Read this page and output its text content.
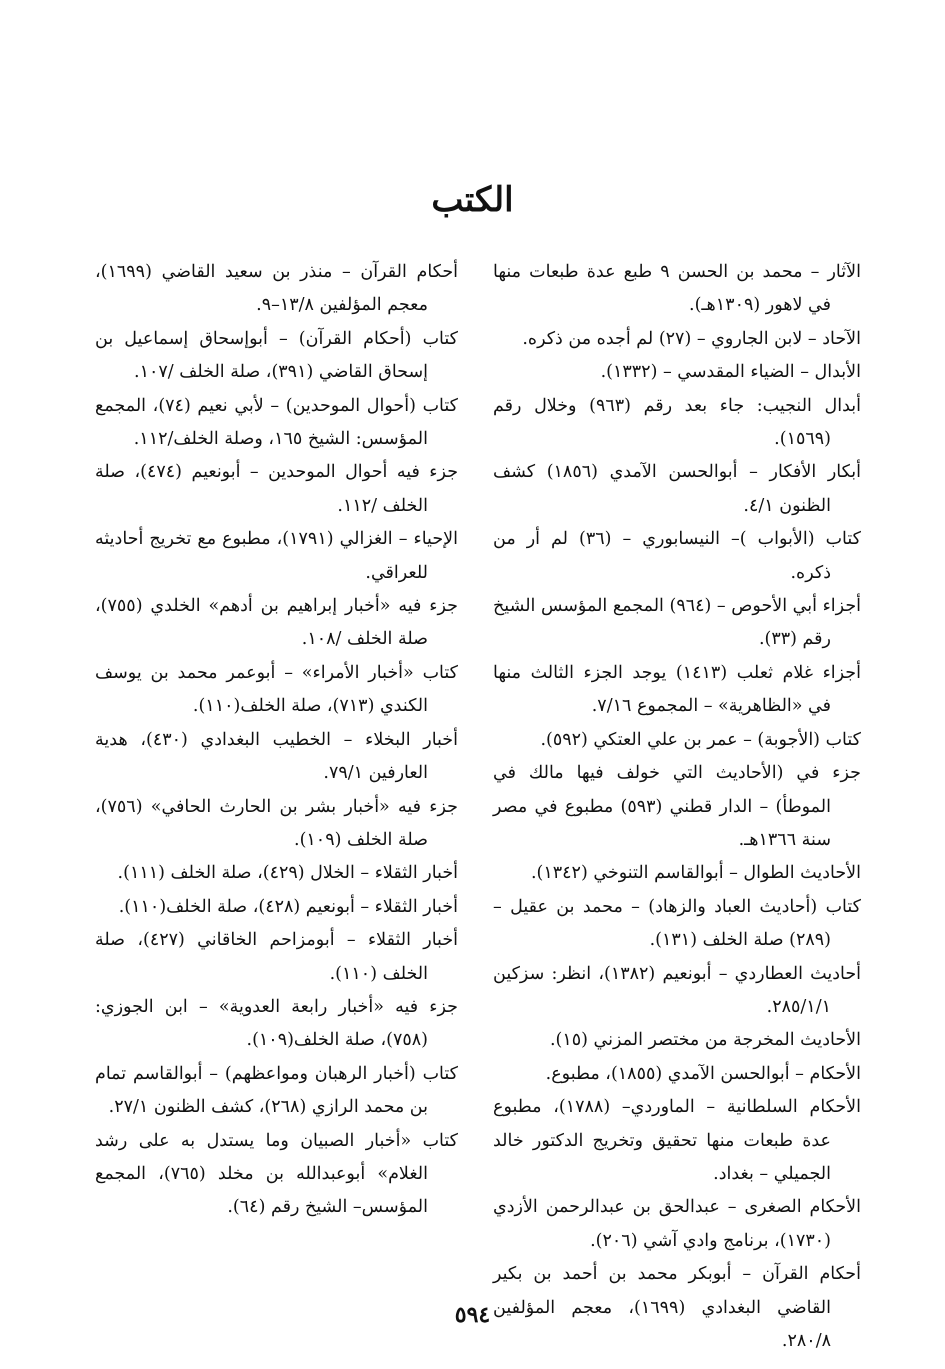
الكتب

الآثار – محمد بن الحسن ٩ طبع عدة طبعات منها في لاهور (١٣٠٩هـ).

الآحاد – لابن الجاروي – (٢٧) لم أجده من ذكره.

الأبدال – الضياء المقدسي – (١٣٣٢).

أبدال النجيب: جاء بعد رقم (٩٦٣) وخلال رقم (١٥٦٩).

أبكار الأفكار – أبوالحسن الآمدي (١٨٥٦) كشف الظنون ٤/١.

كتاب (الأبواب )– النيسابوري – (٣٦) لم أر من ذكره.

أجزاء أبي الأحوص – (٩٦٤) المجمع المؤسس الشيخ رقم (٣٣).

أجزاء غلام ثعلب (١٤١٣) يوجد الجزء الثالث منها في «الظاهرية» – المجموع ٧/١٦.

كتاب (الأجوبة) – عمر بن علي العتكي (٥٩٢).

جزء في (الأحاديث التي خولف فيها مالك في الموطأ) – الدار قطني (٥٩٣) مطبوع في مصر سنة ١٣٦٦هـ.

الأحاديث الطوال – أبوالقاسم التنوخي (١٣٤٢).

كتاب (أحاديث العباد والزهاد) – محمد بن عقيل – (٢٨٩) صلة الخلف (١٣١).

أحاديث العطاردي – أبونعيم (١٣٨٢)، انظر: سزكين ٢٨٥/١/١.

الأحاديث المخرجة من مختصر المزني (١٥).

الأحكام – أبوالحسن الآمدي (١٨٥٥)، مطبوع.

الأحكام السلطانية – الماوردي– (١٧٨٨)، مطبوع عدة طبعات منها تحقيق وتخريج الدكتور خالد الجميلي – بغداد.

الأحكام الصغرى – عبدالحق بن عبدالرحمن الأزدي (١٧٣٠)، برنامج وادي آشي (٢٠٦).

أحكام القرآن – أبوبكر محمد بن أحمد بن بكير القاضي البغدادي (١٦٩٩)، معجم المؤلفين ٢٨٠/٨.

أحكام القرآن – منذر بن سعيد القاضي (١٦٩٩)، معجم المؤلفين ١٣/٨–٩.

كتاب (أحكام القرآن) – أبوإسحاق إسماعيل بن إسحاق القاضي (٣٩١)، صلة الخلف /١٠٧.

كتاب (أحوال الموحدين) – لأبي نعيم (٧٤)، المجمع المؤسس: الشيخ ١٦٥، وصلة الخلف/١١٢.

جزء فيه أحوال الموحدين – أبونعيم (٤٧٤)، صلة الخلف /١١٢.

الإحياء – الغزالي (١٧٩١)، مطبوع مع تخريج أحاديثه للعراقي.

جزء فيه «أخبار إبراهيم بن أدهم» الخلدي (٧٥٥)، صلة الخلف /١٠٨.

كتاب «أخبار الأمراء» – أبوعمر محمد بن يوسف الكندي (٧١٣)، صلة الخلف(١١٠).

أخبار البخلاء – الخطيب البغدادي (٤٣٠)، هدية العارفين ٧٩/١.

جزء فيه «أخبار بشر بن الحارث الحافي» (٧٥٦)، صلة الخلف (١٠٩).

أخبار الثقلاء – الخلال (٤٢٩)، صلة الخلف (١١١).

أخبار الثقلاء – أبونعيم (٤٢٨)، صلة الخلف(١١٠).

أخبار الثقلاء – أبومزاحم الخاقاني (٤٢٧)، صلة الخلف (١١٠).

جزء فيه «أخبار رابعة العدوية» – ابن الجوزي: (٧٥٨)، صلة الخلف(١٠٩).

كتاب (أخبار الرهبان ومواعظهم) – أبوالقاسم تمام بن محمد الرازي (٢٦٨)، كشف الظنون ٢٧/١.

كتاب «أخبار الصبيان وما يستدل به على رشد الغلام» أبوعبدالله بن مخلد (٧٦٥)، المجمع المؤسس– الشيخ رقم (٦٤).

٥٩٤
